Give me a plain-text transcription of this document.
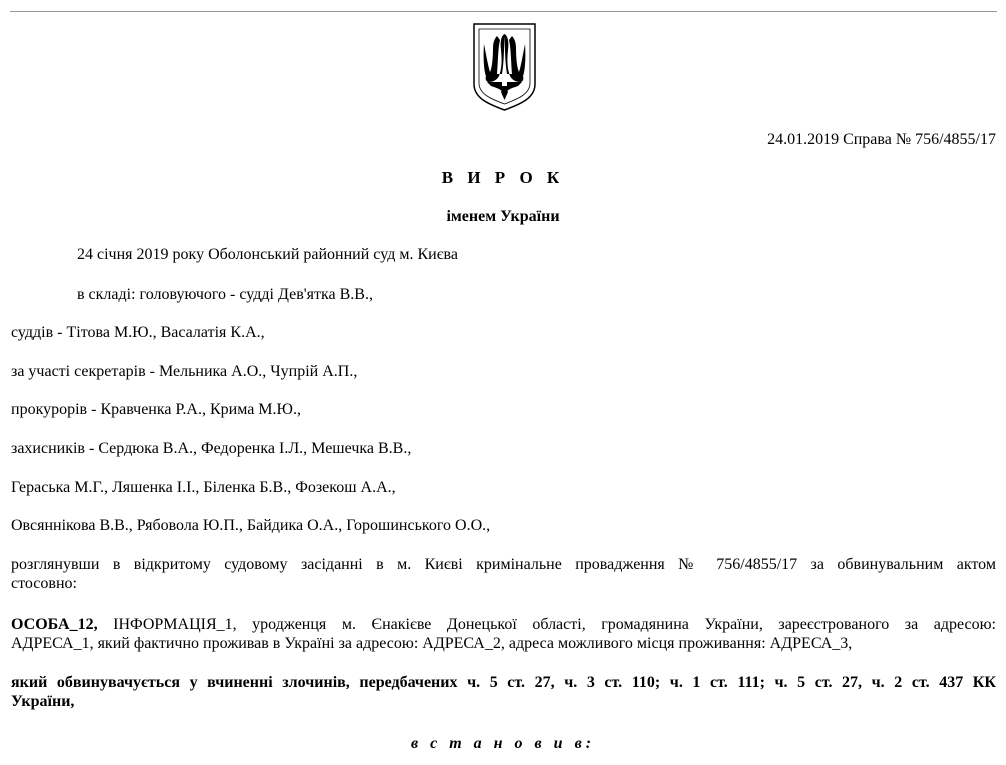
24.01.2019 Справа № 756/4855/17
В И Р О К
іменем України
24 січня 2019 року Оболонський районний суд м. Києва
в складі: головуючого - судді Дев'ятка В.В.,
суддів - Тітова М.Ю., Васалатія К.А.,
за участі секретарів - Мельника А.О., Чупрій А.П.,
прокурорів - Кравченка Р.А., Крима М.Ю.,
захисників - Сердюка В.А., Федоренка І.Л., Мешечка В.В.,
Гераська М.Г., Ляшенка І.І., Біленка Б.В., Фозекош А.А.,
Овсяннікова В.В., Рябовола Ю.П., Байдика О.А., Горошинського О.О.,
розглянувши в відкритому судовому засіданні в м. Києві кримінальне провадження № 756/4855/17 за обвинувальним актом
стосовно:
ОСОБА_12, ІНФОРМАЦІЯ_1, уродженця м. Єнакієве Донецької області, громадянина України, зареєстрованого за адресою:
АДРЕСА_1, який фактично проживав в Україні за адресою: АДРЕСА_2, адреса можливого місця проживання: АДРЕСА_3,
який обвинувачується у вчиненні злочинів, передбачених ч. 5 ст. 27, ч. 3 ст. 110; ч. 1 ст. 111; ч. 5 ст. 27, ч. 2 ст. 437 КК
України,
в с т а н о в и в:
